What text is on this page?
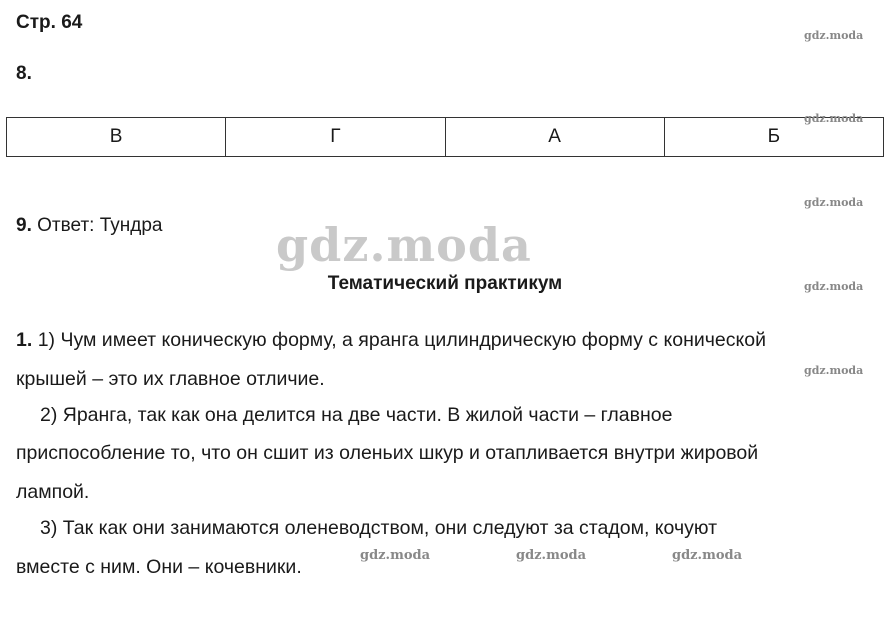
Стр. 64
8.
В	Г	А	Б
9. Ответ: Тундра gdz.moda
Тематический практикум
1. 1) Чум имеет коническую форму, а яранга цилиндрическую форму с конической
крышей – это их главное отличие.
2) Яранга, так как она делится на две части. В жилой части – главное
приспособление то, что он сшит из оленьих шкур и отапливается внутри жировой
лампой.
3) Так как они занимаются оленеводством, они следуют за стадом, кочуют
вместе с ним. Они – кочевники.
gdz.moda
gdz.moda
gdz.moda
gdz.moda
gdz.moda
gdz.moda	gdz.moda	gdz.moda
